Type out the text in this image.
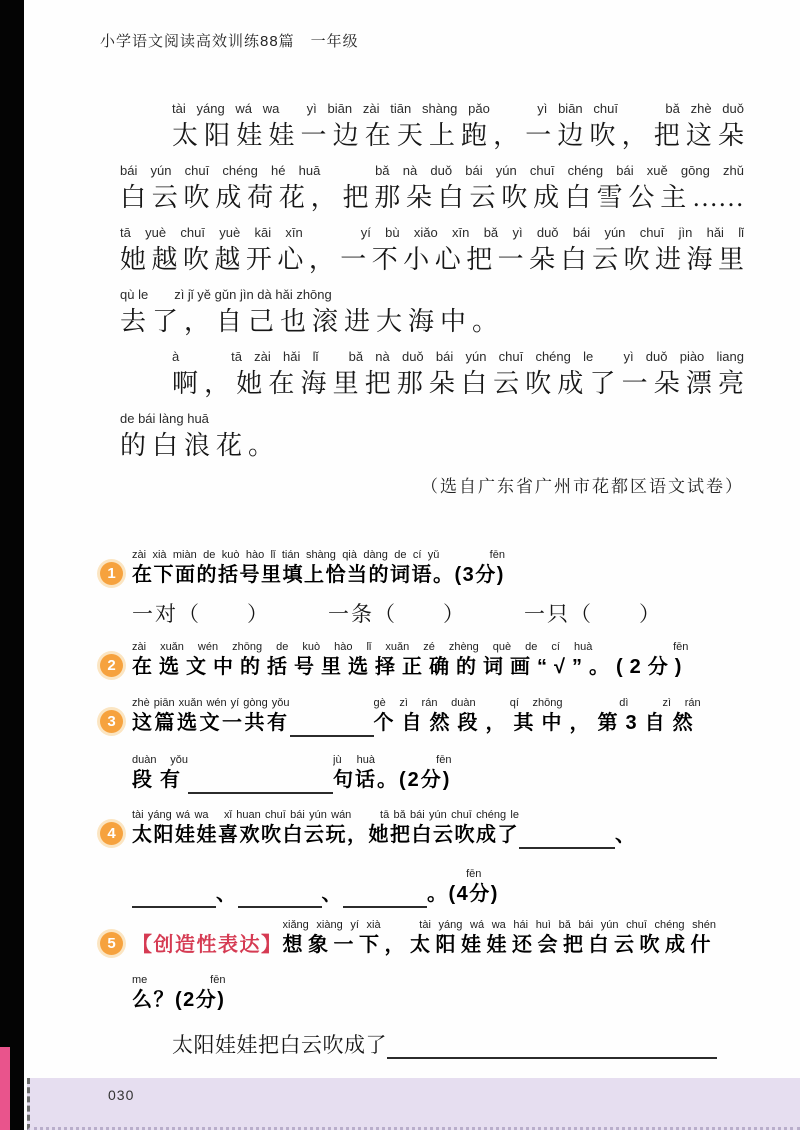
小学语文阅读高效训练88篇　一年级
tài yáng wá wa　yì biān zài tiān shàng pǎo　　yì biān chuī　　bǎ zhè duǒ
太阳娃娃一边在天上跑，一边吹，把这朵
bái yún chuī chéng hé huā　　bǎ nà duǒ bái yún chuī chéng bái xuě gōng zhǔ
白云吹成荷花，把那朵白云吹成白雪公主……
tā yuè chuī yuè kāi xīn　　yí bù xiǎo xīn bǎ yì duǒ bái yún chuī jìn hǎi lǐ
她越吹越开心，一不小心把一朵白云吹进海里
qù le　　zì jǐ yě gǔn jìn dà hǎi zhōng
去了，自己也滚进大海中。
à　　tā zài hǎi lǐ　bǎ nà duǒ bái yún chuī chéng le　yì duǒ piào liang
啊，她在海里把那朵白云吹成了一朵漂亮
de bái làng huā
的白浪花。
（选自广东省广州市花都区语文试卷）
1
zài xià miàn de kuò hào lǐ tián shàng qià dàng de cí yǔ　　　fēn
在下面的括号里填上恰当的词语。(3分)
一对（　　）	一条（　　）	一只（　　）
2
zài xuǎn wén zhōng de kuò hào lǐ xuǎn zé zhèng què de cí huà　　　fēn
在选文中的括号里选择正确的词画“√”。(2分)
3
zhè piān xuǎn wén yí gòng yǒu
这篇选文一共有
gè zì rán duàn　qí zhōng　　dì　zì rán
个自然段，其中，第3自然
duàn yǒu
段有
jù huà　　fēn
句话。(2分)
4
tài yáng wá wa　xǐ huan chuī bái yún wán　　tā bǎ bái yún chuī chéng le
太阳娃娃喜欢吹白云玩，她把白云吹成了	、
、	、	。
fēn
(4分)
5 【创造性表达】
xiǎng xiàng yí xià　　tài yáng wá wa hái huì bǎ bái yún chuī chéng shén
想象一下，太阳娃娃还会把白云吹成什
me　　　fēn
么？(2分)
太阳娃娃把白云吹成了
030
